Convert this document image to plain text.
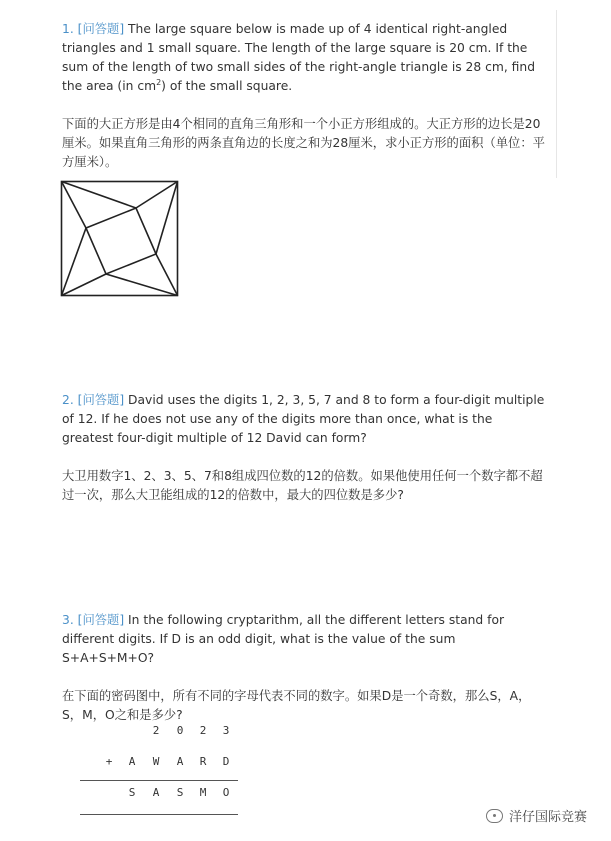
1. [问答题] The large square below is made up of 4 identical right-angled triangles and 1 small square. The length of the large square is 20 cm. If the sum of the length of two small sides of the right-angle triangle is 28 cm, find the area (in $cm^2$) of the small square.

下面的大正方形是由4个相同的直角三角形和一个小正方形组成的。大正方形的边长是20厘米。如果直角三角形的两条直角边的长度之和为28厘米，求小正方形的面积（单位：平方厘米）。

2. [问答题] David uses the digits 1, 2, 3, 5, 7 and 8 to form a four-digit multiple of 12. If he does not use any of the digits more than once, what is the greatest four-digit multiple of 12 David can form?

大卫用数字1、2、3、5、7和8组成四位数的12的倍数。如果他使用任何一个数字都不超过一次，那么大卫能组成的12的倍数中，最大的四位数是多少?

3. [问答题] In the following cryptarithm, all the different letters stand for different digits. If D is an odd digit, what is the value of the sum S+A+S+M+O?

在下面的密码图中，所有不同的字母代表不同的数字。如果D是一个奇数，那么S，A，S，M，O之和是多少?

2 0 2 3
+ A W A R D
S A S M O
洋仔国际竞赛
